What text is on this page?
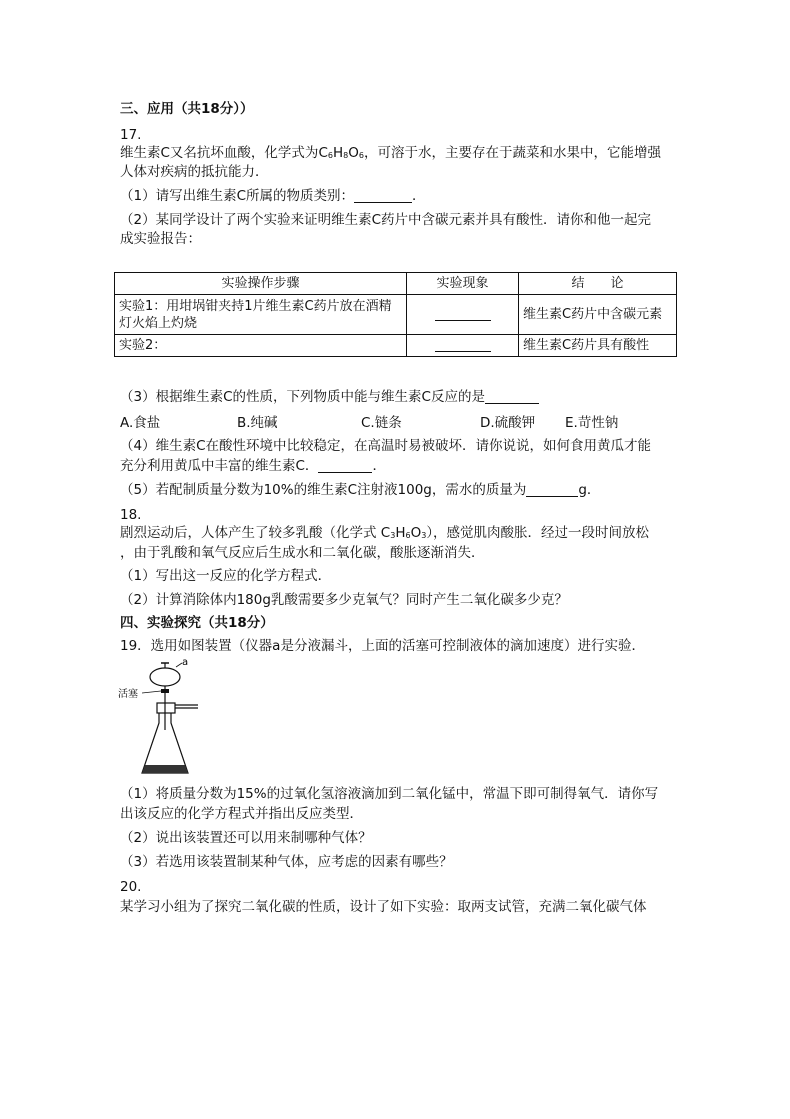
三、应用（共18分））
17.
维生素C又名抗坏血酸，化学式为C6H8O6，可溶于水，主要存在于蔬菜和水果中，它能增强
人体对疾病的抵抗能力．
（1）请写出维生素C所属的物质类别：	．
（2）某同学设计了两个实验来证明维生素C药片中含碳元素并具有酸性．请你和他一起完
成实验报告：
实验操作步骤	实验现象	结　　论
实验1：用坩埚钳夹持1片维生素C药片放在酒精灯火焰上灼烧		维生素C药片中含碳元素
实验2：		维生素C药片具有酸性
（3）根据维生素C的性质，下列物质中能与维生素C反应的是
A.食盐	B.纯碱	C.链条	D.硫酸钾 E.苛性钠
（4）维生素C在酸性环境中比较稳定，在高温时易被破坏．请你说说，如何食用黄瓜才能
充分利用黄瓜中丰富的维生素C．	．
（5）若配制质量分数为10%的维生素C注射液100g，需水的质量为	g．
18.
剧烈运动后，人体产生了较多乳酸（化学式 C3H6O3），感觉肌肉酸胀．经过一段时间放松
，由于乳酸和氧气反应后生成水和二氧化碳，酸胀逐渐消失．
（1）写出这一反应的化学方程式．
（2）计算消除体内180g乳酸需要多少克氧气？同时产生二氧化碳多少克？
四、实验探究（共18分）
19．选用如图装置（仪器a是分液漏斗，上面的活塞可控制液体的滴加速度）进行实验．
a
活塞
（1）将质量分数为15%的过氧化氢溶液滴加到二氧化锰中，常温下即可制得氧气．请你写
出该反应的化学方程式并指出反应类型．
（2）说出该装置还可以用来制哪种气体？
（3）若选用该装置制某种气体，应考虑的因素有哪些？
20.
某学习小组为了探究二氧化碳的性质，设计了如下实验：取两支试管，充满二氧化碳气体
